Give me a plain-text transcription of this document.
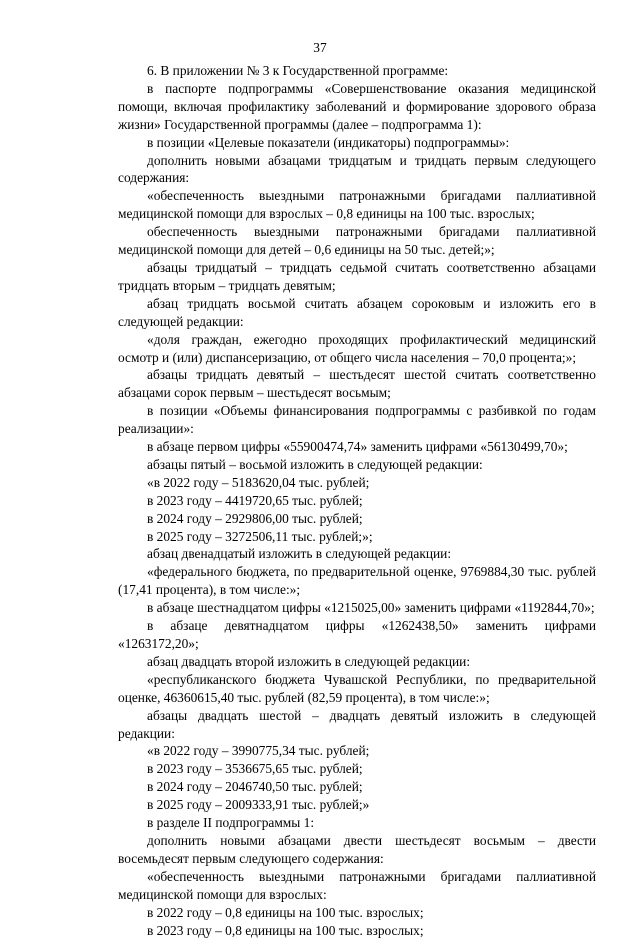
37

6. В приложении № 3 к Государственной программе:

в паспорте подпрограммы «Совершенствование оказания медицинской помощи, включая профилактику заболеваний и формирование здорового образа жизни» Государственной программы (далее – подпрограмма 1):

в позиции «Целевые показатели (индикаторы) подпрограммы»:

дополнить новыми абзацами тридцатым и тридцать первым следующего содержания:

«обеспеченность выездными патронажными бригадами паллиативной медицинской помощи для взрослых – 0,8 единицы на 100 тыс. взрослых;

обеспеченность выездными патронажными бригадами паллиативной медицинской помощи для детей – 0,6 единицы на 50 тыс. детей;»;

абзацы тридцатый – тридцать седьмой считать соответственно абзацами тридцать вторым – тридцать девятым;

абзац тридцать восьмой считать абзацем сороковым и изложить его в следующей редакции:

«доля граждан, ежегодно проходящих профилактический медицинский осмотр и (или) диспансеризацию, от общего числа населения – 70,0 процента;»;

абзацы тридцать девятый – шестьдесят шестой считать соответственно абзацами сорок первым – шестьдесят восьмым;

в позиции «Объемы финансирования подпрограммы с разбивкой по годам реализации»:

в абзаце первом цифры «55900474,74» заменить цифрами «56130499,70»;

абзацы пятый – восьмой изложить в следующей редакции:

«в 2022 году – 5183620,04 тыс. рублей;

в 2023 году – 4419720,65 тыс. рублей;

в 2024 году – 2929806,00 тыс. рублей;

в 2025 году – 3272506,11 тыс. рублей;»;

абзац двенадцатый изложить в следующей редакции:

«федерального бюджета, по предварительной оценке, 9769884,30 тыс. рублей (17,41 процента), в том числе:»;

в абзаце шестнадцатом цифры «1215025,00» заменить цифрами «1192844,70»;

в абзаце девятнадцатом цифры «1262438,50» заменить цифрами «1263172,20»;

абзац двадцать второй изложить в следующей редакции:

«республиканского бюджета Чувашской Республики, по предварительной оценке, 46360615,40 тыс. рублей (82,59 процента), в том числе:»;

абзацы двадцать шестой – двадцать девятый изложить в следующей редакции:

«в 2022 году – 3990775,34 тыс. рублей;

в 2023 году – 3536675,65 тыс. рублей;

в 2024 году – 2046740,50 тыс. рублей;

в 2025 году – 2009333,91 тыс. рублей;»

в разделе II подпрограммы 1:

дополнить новыми абзацами двести шестьдесят восьмым – двести восемьдесят первым следующего содержания:

«обеспеченность выездными патронажными бригадами паллиативной медицинской помощи для взрослых:

в 2022 году – 0,8 единицы на 100 тыс. взрослых;

в 2023 году – 0,8 единицы на 100 тыс. взрослых;
